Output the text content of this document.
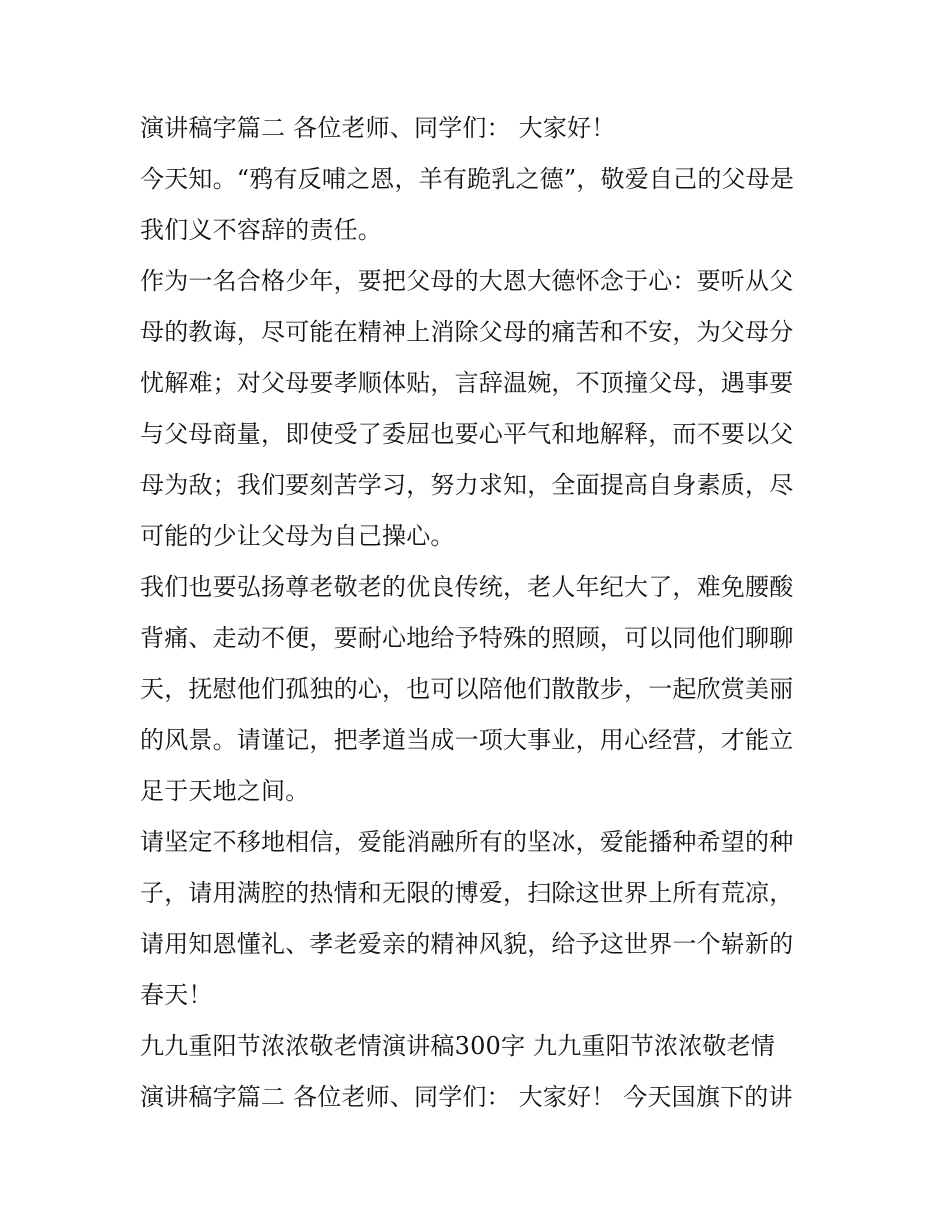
演讲稿字篇二 各位老师、同学们： 大家好！
今天知。“鸦有反哺之恩，羊有跪乳之德”，敬爱自己的父母是
我们义不容辞的责任。
作为一名合格少年，要把父母的大恩大德怀念于心：要听从父
母的教诲，尽可能在精神上消除父母的痛苦和不安，为父母分
忧解难；对父母要孝顺体贴，言辞温婉，不顶撞父母，遇事要
与父母商量，即使受了委屈也要心平气和地解释，而不要以父
母为敌；我们要刻苦学习，努力求知，全面提高自身素质，尽
可能的少让父母为自己操心。
我们也要弘扬尊老敬老的优良传统，老人年纪大了，难免腰酸
背痛、走动不便，要耐心地给予特殊的照顾，可以同他们聊聊
天，抚慰他们孤独的心，也可以陪他们散散步，一起欣赏美丽
的风景。请谨记，把孝道当成一项大事业，用心经营，才能立
足于天地之间。
请坚定不移地相信，爱能消融所有的坚冰，爱能播种希望的种
子，请用满腔的热情和无限的博爱，扫除这世界上所有荒凉，
请用知恩懂礼、孝老爱亲的精神风貌，给予这世界一个崭新的
春天！
九九重阳节浓浓敬老情演讲稿300字 九九重阳节浓浓敬老情
演讲稿字篇二 各位老师、同学们： 大家好！ 今天国旗下的讲
